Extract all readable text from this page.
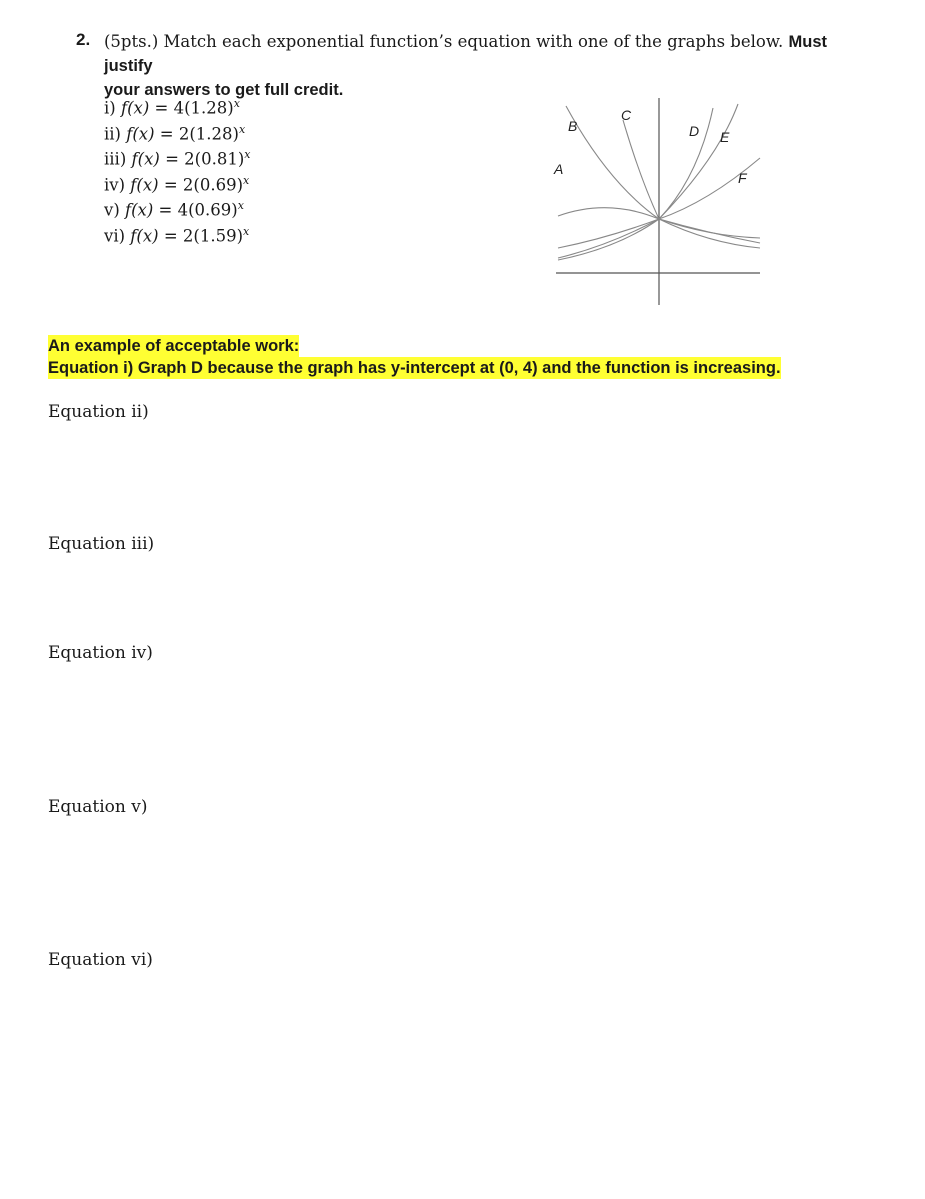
2. (5pts.) Match each exponential function’s equation with one of the graphs below. Must justify
your answers to get full credit.
i) $f(x) = 4(1.28)^x$
ii) $f(x) = 2(1.28)^x$
iii) $f(x) = 2(0.81)^x$
iv) $f(x) = 2(0.69)^x$
v) $f(x) = 4(0.69)^x$
vi) $f(x) = 2(1.59)^x$
A
B
C
D E
F
An example of acceptable work:
Equation i) Graph D because the graph has y-intercept at (0, 4) and the function is increasing.
Equation ii)
Equation iii)
Equation iv)
Equation v)
Equation vi)
